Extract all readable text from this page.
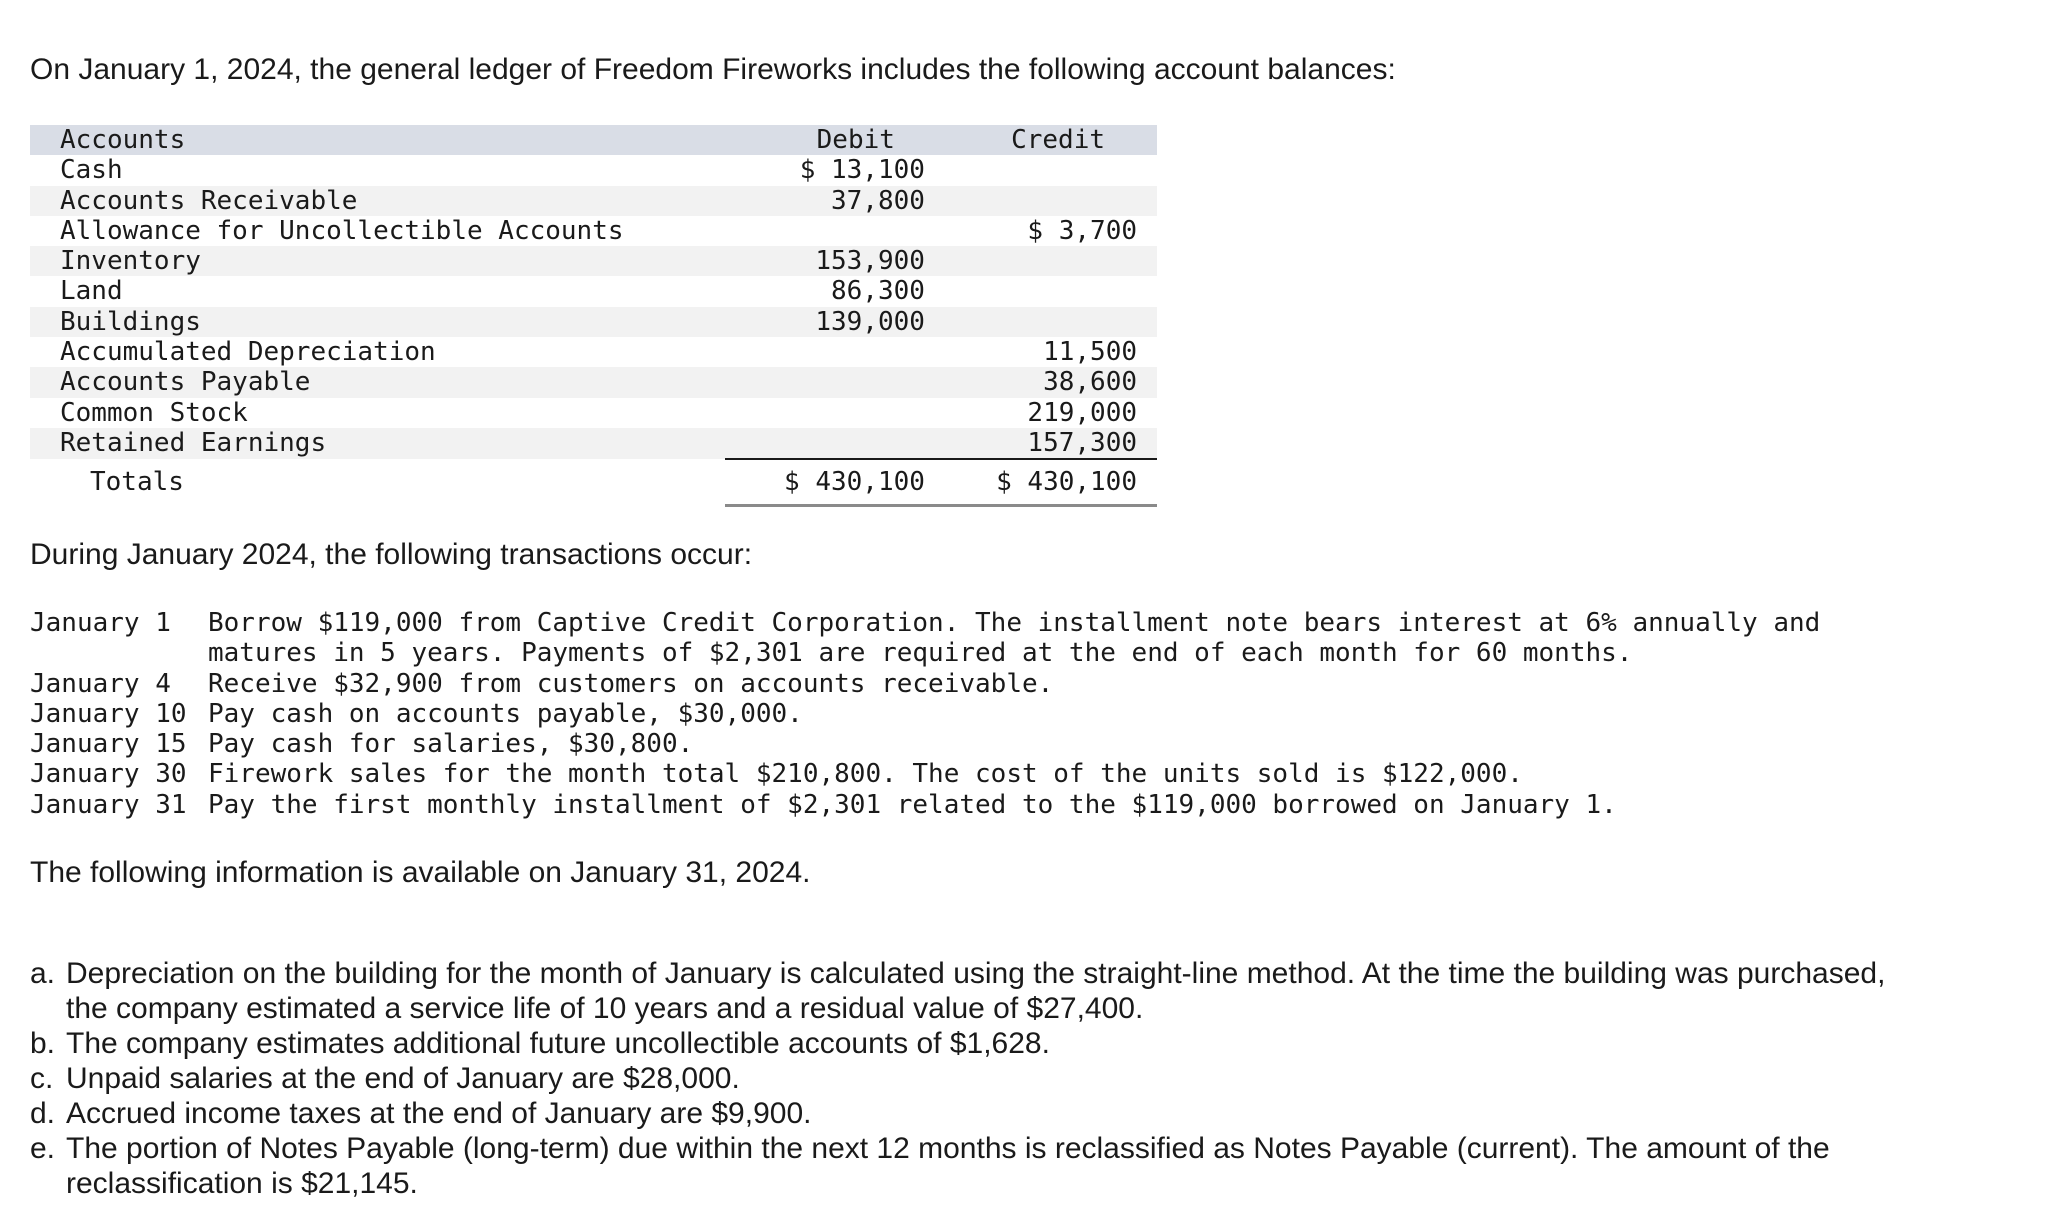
On January 1, 2024, the general ledger of Freedom Fireworks includes the following account balances:

Accounts	Debit	Credit
Cash	$ 13,100	
Accounts Receivable	37,800	
Allowance for Uncollectible Accounts		$ 3,700
Inventory	153,900	
Land	86,300	
Buildings	139,000	
Accumulated Depreciation		11,500
Accounts Payable		38,600
Common Stock		219,000
Retained Earnings		157,300
Totals	$ 430,100	$ 430,100

During January 2024, the following transactions occur:

January 1	Borrow $119,000 from Captive Credit Corporation. The installment note bears interest at 6% annually and matures in 5 years. Payments of $2,301 are required at the end of each month for 60 months.
January 4	Receive $32,900 from customers on accounts receivable.
January 10 Pay cash on accounts payable, $30,000.
January 15 Pay cash for salaries, $30,800.
January 30 Firework sales for the month total $210,800. The cost of the units sold is $122,000.
January 31 Pay the first monthly installment of $2,301 related to the $119,000 borrowed on January 1.

The following information is available on January 31, 2024.

a. Depreciation on the building for the month of January is calculated using the straight-line method. At the time the building was purchased, the company estimated a service life of 10 years and a residual value of $27,400.
b. The company estimates additional future uncollectible accounts of $1,628.
c. Unpaid salaries at the end of January are $28,000.
d. Accrued income taxes at the end of January are $9,900.
e. The portion of Notes Payable (long-term) due within the next 12 months is reclassified as Notes Payable (current). The amount of the reclassification is $21,145.
